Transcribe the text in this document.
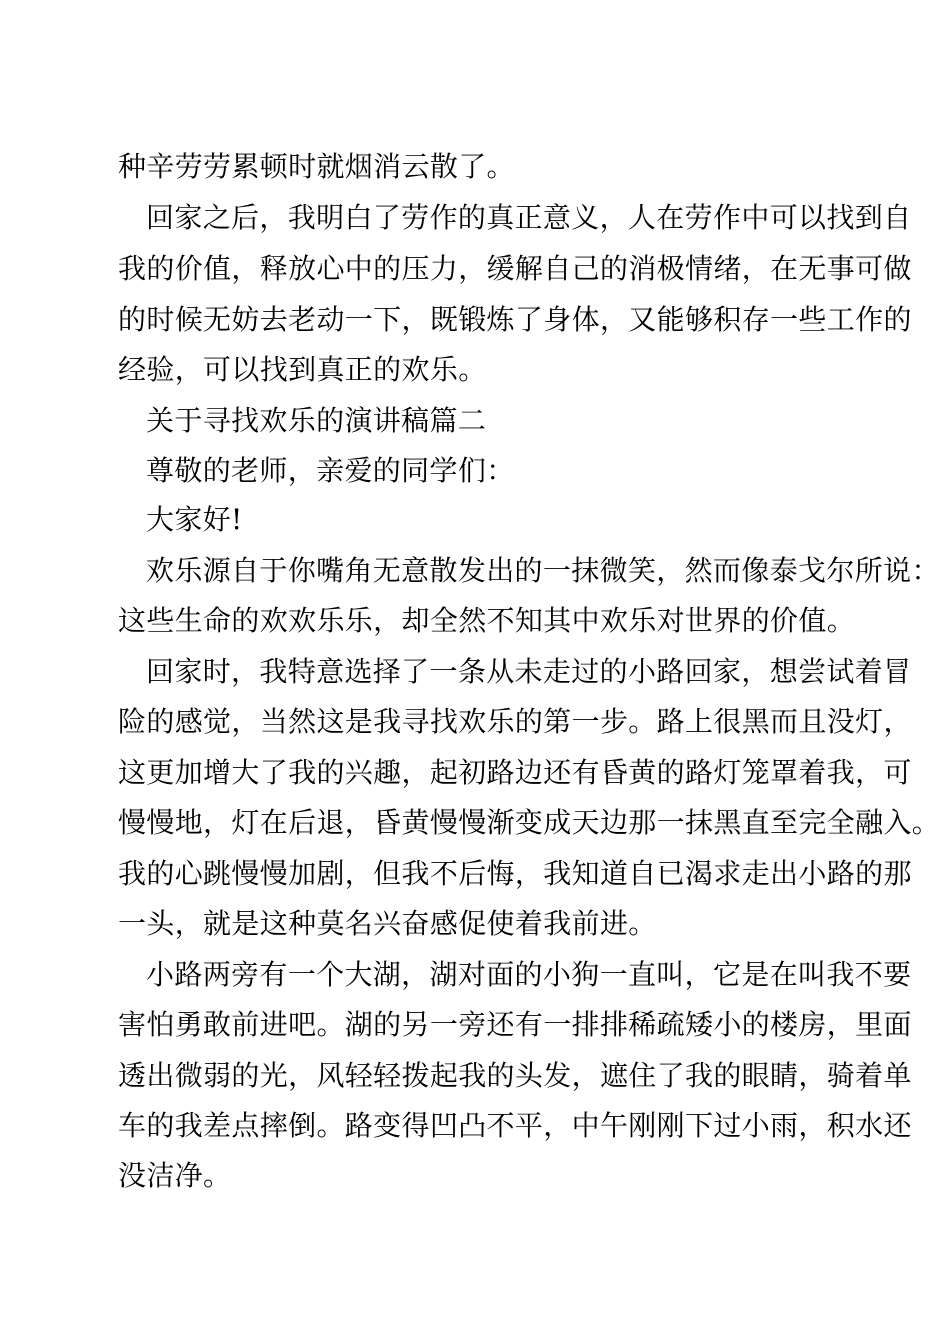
种辛劳劳累顿时就烟消云散了。
回家之后，我明白了劳作的真正意义，人在劳作中可以找到自
我的价值，释放心中的压力，缓解自己的消极情绪，在无事可做
的时候无妨去老动一下，既锻炼了身体，又能够积存一些工作的
经验，可以找到真正的欢乐。
关于寻找欢乐的演讲稿篇二
尊敬的老师，亲爱的同学们：
大家好!
欢乐源自于你嘴角无意散发出的一抹微笑，然而像泰戈尔所说：
这些生命的欢欢乐乐，却全然不知其中欢乐对世界的价值。
回家时，我特意选择了一条从未走过的小路回家，想尝试着冒
险的感觉，当然这是我寻找欢乐的第一步。路上很黑而且没灯，
这更加增大了我的兴趣，起初路边还有昏黄的路灯笼罩着我，可
慢慢地，灯在后退，昏黄慢慢渐变成天边那一抹黑直至完全融入。
我的心跳慢慢加剧，但我不后悔，我知道自已渴求走出小路的那
一头，就是这种莫名兴奋感促使着我前进。
小路两旁有一个大湖，湖对面的小狗一直叫，它是在叫我不要
害怕勇敢前进吧。湖的另一旁还有一排排稀疏矮小的楼房，里面
透出微弱的光，风轻轻拨起我的头发，遮住了我的眼睛，骑着单
车的我差点摔倒。路变得凹凸不平，中午刚刚下过小雨，积水还
没洁净。
